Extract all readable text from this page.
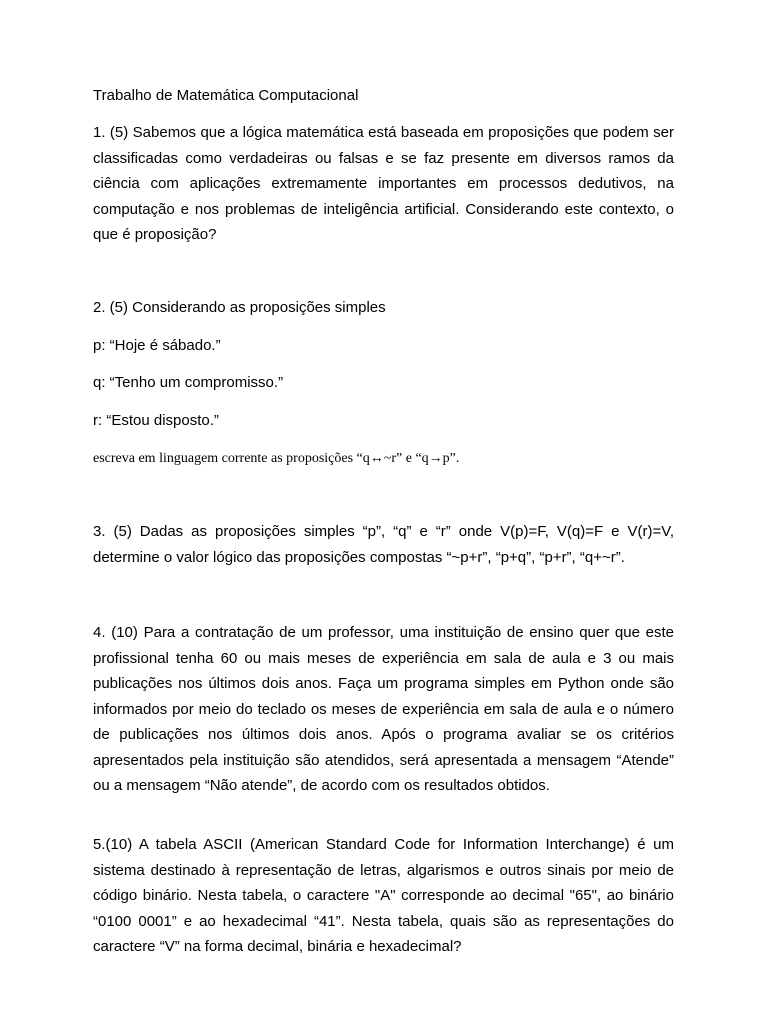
Trabalho de Matemática Computacional

1. (5) Sabemos que a lógica matemática está baseada em proposições que podem ser classificadas como verdadeiras ou falsas e se faz presente em diversos ramos da ciência com aplicações extremamente importantes em processos dedutivos, na computação e nos problemas de inteligência artificial. Considerando este contexto, o que é proposição?

2. (5) Considerando as proposições simples

p: “Hoje é sábado.”

q: “Tenho um compromisso.”

r: “Estou disposto.”

escreva em linguagem corrente as proposições “q↔~r” e “q→p”.

3. (5) Dadas as proposições simples “p”, “q” e “r” onde V(p)=F, V(q)=F e V(r)=V, determine o valor lógico das proposições compostas “~p+r”, “p+q”, “p+r”, “q+~r”.

4. (10) Para a contratação de um professor, uma instituição de ensino quer que este profissional tenha 60 ou mais meses de experiência em sala de aula e 3 ou mais publicações nos últimos dois anos. Faça um programa simples em Python onde são informados por meio do teclado os meses de experiência em sala de aula e o número de publicações nos últimos dois anos. Após o programa avaliar se os critérios apresentados pela instituição são atendidos, será apresentada a mensagem “Atende” ou a mensagem “Não atende”, de acordo com os resultados obtidos.

5.(10) A tabela ASCII (American Standard Code for Information Interchange) é um sistema destinado à representação de letras, algarismos e outros sinais por meio de código binário. Nesta tabela, o caractere "A" corresponde ao decimal "65", ao binário “0100 0001” e ao hexadecimal “41”. Nesta tabela, quais são as representações do caractere “V” na forma decimal, binária e hexadecimal?
